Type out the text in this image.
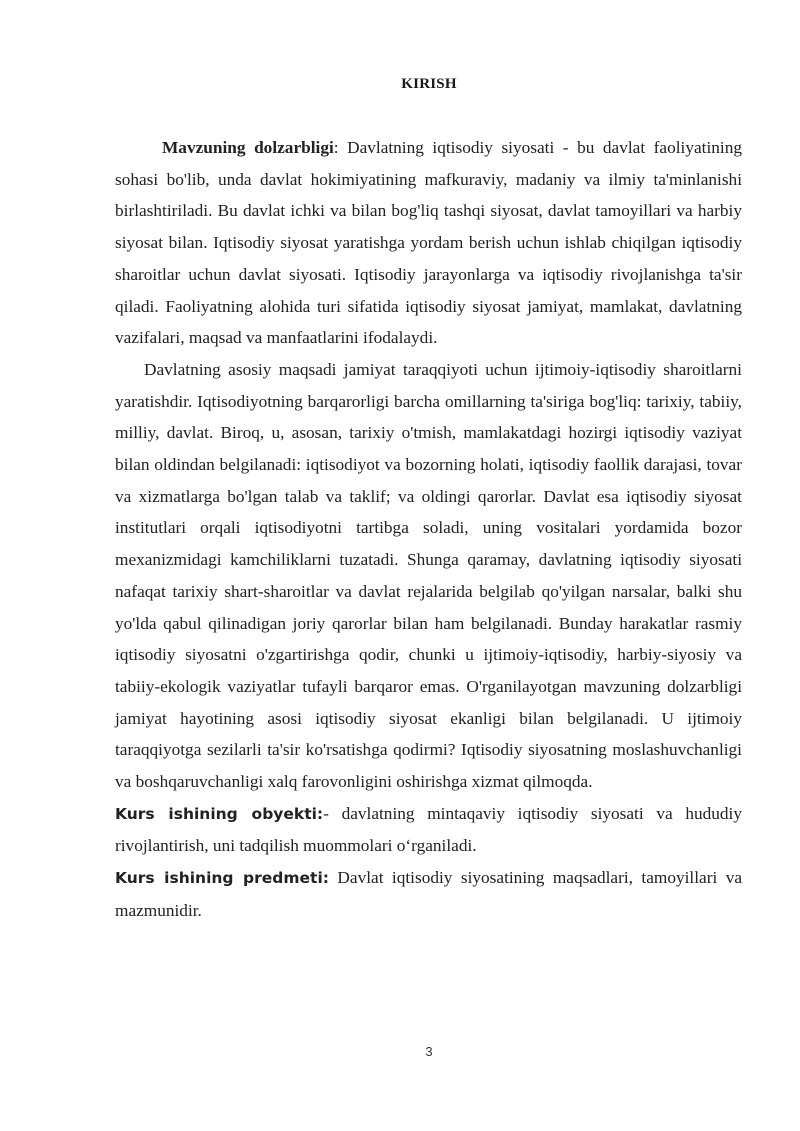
KIRISH

Mavzuning dolzarbligi: Davlatning iqtisodiy siyosati - bu davlat faoliyatining sohasi bo'lib, unda davlat hokimiyatining mafkuraviy, madaniy va ilmiy ta'minlanishi birlashtiriladi. Bu davlat ichki va bilan bog'liq tashqi siyosat, davlat tamoyillari va harbiy siyosat bilan. Iqtisodiy siyosat yaratishga yordam berish uchun ishlab chiqilgan iqtisodiy sharoitlar uchun davlat siyosati. Iqtisodiy jarayonlarga va iqtisodiy rivojlanishga ta'sir qiladi. Faoliyatning alohida turi sifatida iqtisodiy siyosat jamiyat, mamlakat, davlatning vazifalari, maqsad va manfaatlarini ifodalaydi.

Davlatning asosiy maqsadi jamiyat taraqqiyoti uchun ijtimoiy-iqtisodiy sharoitlarni yaratishdir. Iqtisodiyotning barqarorligi barcha omillarning ta'siriga bog'liq: tarixiy, tabiiy, milliy, davlat. Biroq, u, asosan, tarixiy o'tmish, mamlakatdagi hozirgi iqtisodiy vaziyat bilan oldindan belgilanadi: iqtisodiyot va bozorning holati, iqtisodiy faollik darajasi, tovar va xizmatlarga bo'lgan talab va taklif; va oldingi qarorlar. Davlat esa iqtisodiy siyosat institutlari orqali iqtisodiyotni tartibga soladi, uning vositalari yordamida bozor mexanizmidagi kamchiliklarni tuzatadi. Shunga qaramay, davlatning iqtisodiy siyosati nafaqat tarixiy shart-sharoitlar va davlat rejalarida belgilab qo'yilgan narsalar, balki shu yo'lda qabul qilinadigan joriy qarorlar bilan ham belgilanadi. Bunday harakatlar rasmiy iqtisodiy siyosatni o'zgartirishga qodir, chunki u ijtimoiy-iqtisodiy, harbiy-siyosiy va tabiiy-ekologik vaziyatlar tufayli barqaror emas. O'rganilayotgan mavzuning dolzarbligi jamiyat hayotining asosi iqtisodiy siyosat ekanligi bilan belgilanadi. U ijtimoiy taraqqiyotga sezilarli ta'sir ko'rsatishga qodirmi? Iqtisodiy siyosatning moslashuvchanligi va boshqaruvchanligi xalq farovonligini oshirishga xizmat qilmoqda.

Kurs ishining obyekti:- davlatning mintaqaviy iqtisodiy siyosati va hududiy rivojlantirish, uni tadqilish muommolari o‘rganiladi.

Kurs ishining predmeti: Davlat iqtisodiy siyosatining maqsadlari, tamoyillari va mazmunidir.

3
